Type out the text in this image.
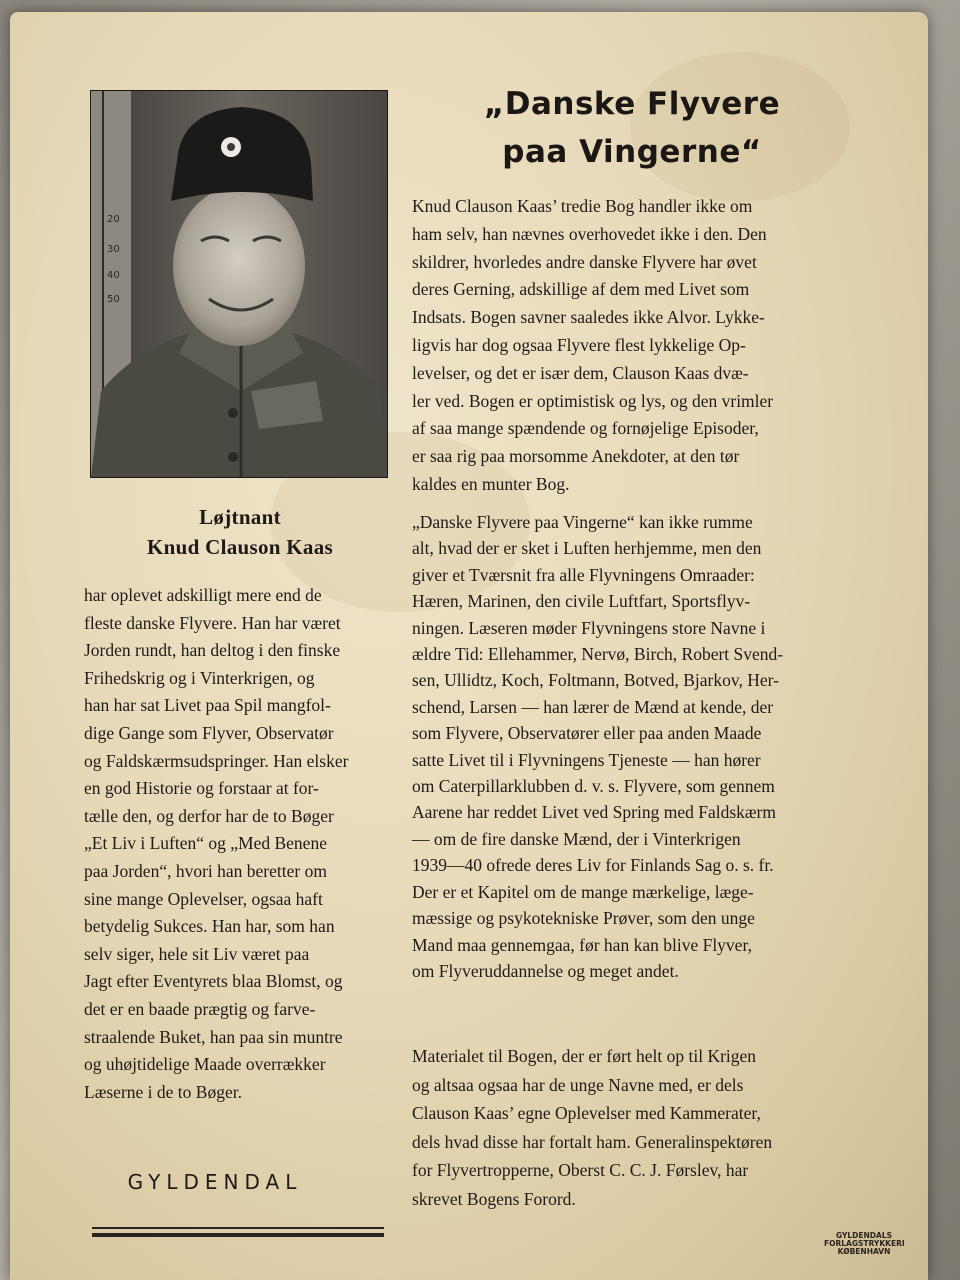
20
30
40
50
Løjtnant
Knud Clauson Kaas
har oplevet adskilligt mere end de
fleste danske Flyvere. Han har været
Jorden rundt, han deltog i den finske
Frihedskrig og i Vinterkrigen, og
han har sat Livet paa Spil mangfol-
dige Gange som Flyver, Observatør
og Faldskærmsudspringer. Han elsker
en god Historie og forstaar at for-
tælle den, og derfor har de to Bøger
„Et Liv i Luften“ og „Med Benene
paa Jorden“, hvori han beretter om
sine mange Oplevelser, ogsaa haft
betydelig Sukces. Han har, som han
selv siger, hele sit Liv været paa
Jagt efter Eventyrets blaa Blomst, og
det er en baade prægtig og farve-
straalende Buket, han paa sin muntre
og uhøjtidelige Maade overrækker
Læserne i de to Bøger.
GYLDENDAL
„Danske Flyvere
paa Vingerne“
Knud Clauson Kaas’ tredie Bog handler ikke om
ham selv, han nævnes overhovedet ikke i den. Den
skildrer, hvorledes andre danske Flyvere har øvet
deres Gerning, adskillige af dem med Livet som
Indsats. Bogen savner saaledes ikke Alvor. Lykke-
ligvis har dog ogsaa Flyvere flest lykkelige Op-
levelser, og det er især dem, Clauson Kaas dvæ-
ler ved. Bogen er optimistisk og lys, og den vrimler
af saa mange spændende og fornøjelige Episoder,
er saa rig paa morsomme Anekdoter, at den tør
kaldes en munter Bog.
„Danske Flyvere paa Vingerne“ kan ikke rumme
alt, hvad der er sket i Luften herhjemme, men den
giver et Tværsnit fra alle Flyvningens Omraader:
Hæren, Marinen, den civile Luftfart, Sportsflyv-
ningen. Læseren møder Flyvningens store Navne i
ældre Tid: Ellehammer, Nervø, Birch, Robert Svend-
sen, Ullidtz, Koch, Foltmann, Botved, Bjarkov, Her-
schend, Larsen — han lærer de Mænd at kende, der
som Flyvere, Observatører eller paa anden Maade
satte Livet til i Flyvningens Tjeneste — han hører
om Caterpillarklubben d. v. s. Flyvere, som gennem
Aarene har reddet Livet ved Spring med Faldskærm
— om de fire danske Mænd, der i Vinterkrigen
1939—40 ofrede deres Liv for Finlands Sag o. s. fr.
Der er et Kapitel om de mange mærkelige, læge-
mæssige og psykotekniske Prøver, som den unge
Mand maa gennemgaa, før han kan blive Flyver,
om Flyveruddannelse og meget andet.
Materialet til Bogen, der er ført helt op til Krigen
og altsaa ogsaa har de unge Navne med, er dels
Clauson Kaas’ egne Oplevelser med Kammerater,
dels hvad disse har fortalt ham. Generalinspektøren
for Flyvertropperne, Oberst C. C. J. Førslev, har
skrevet Bogens Forord.
GYLDENDALS
FORLAGSTRYKKERI
KØBENHAVN
